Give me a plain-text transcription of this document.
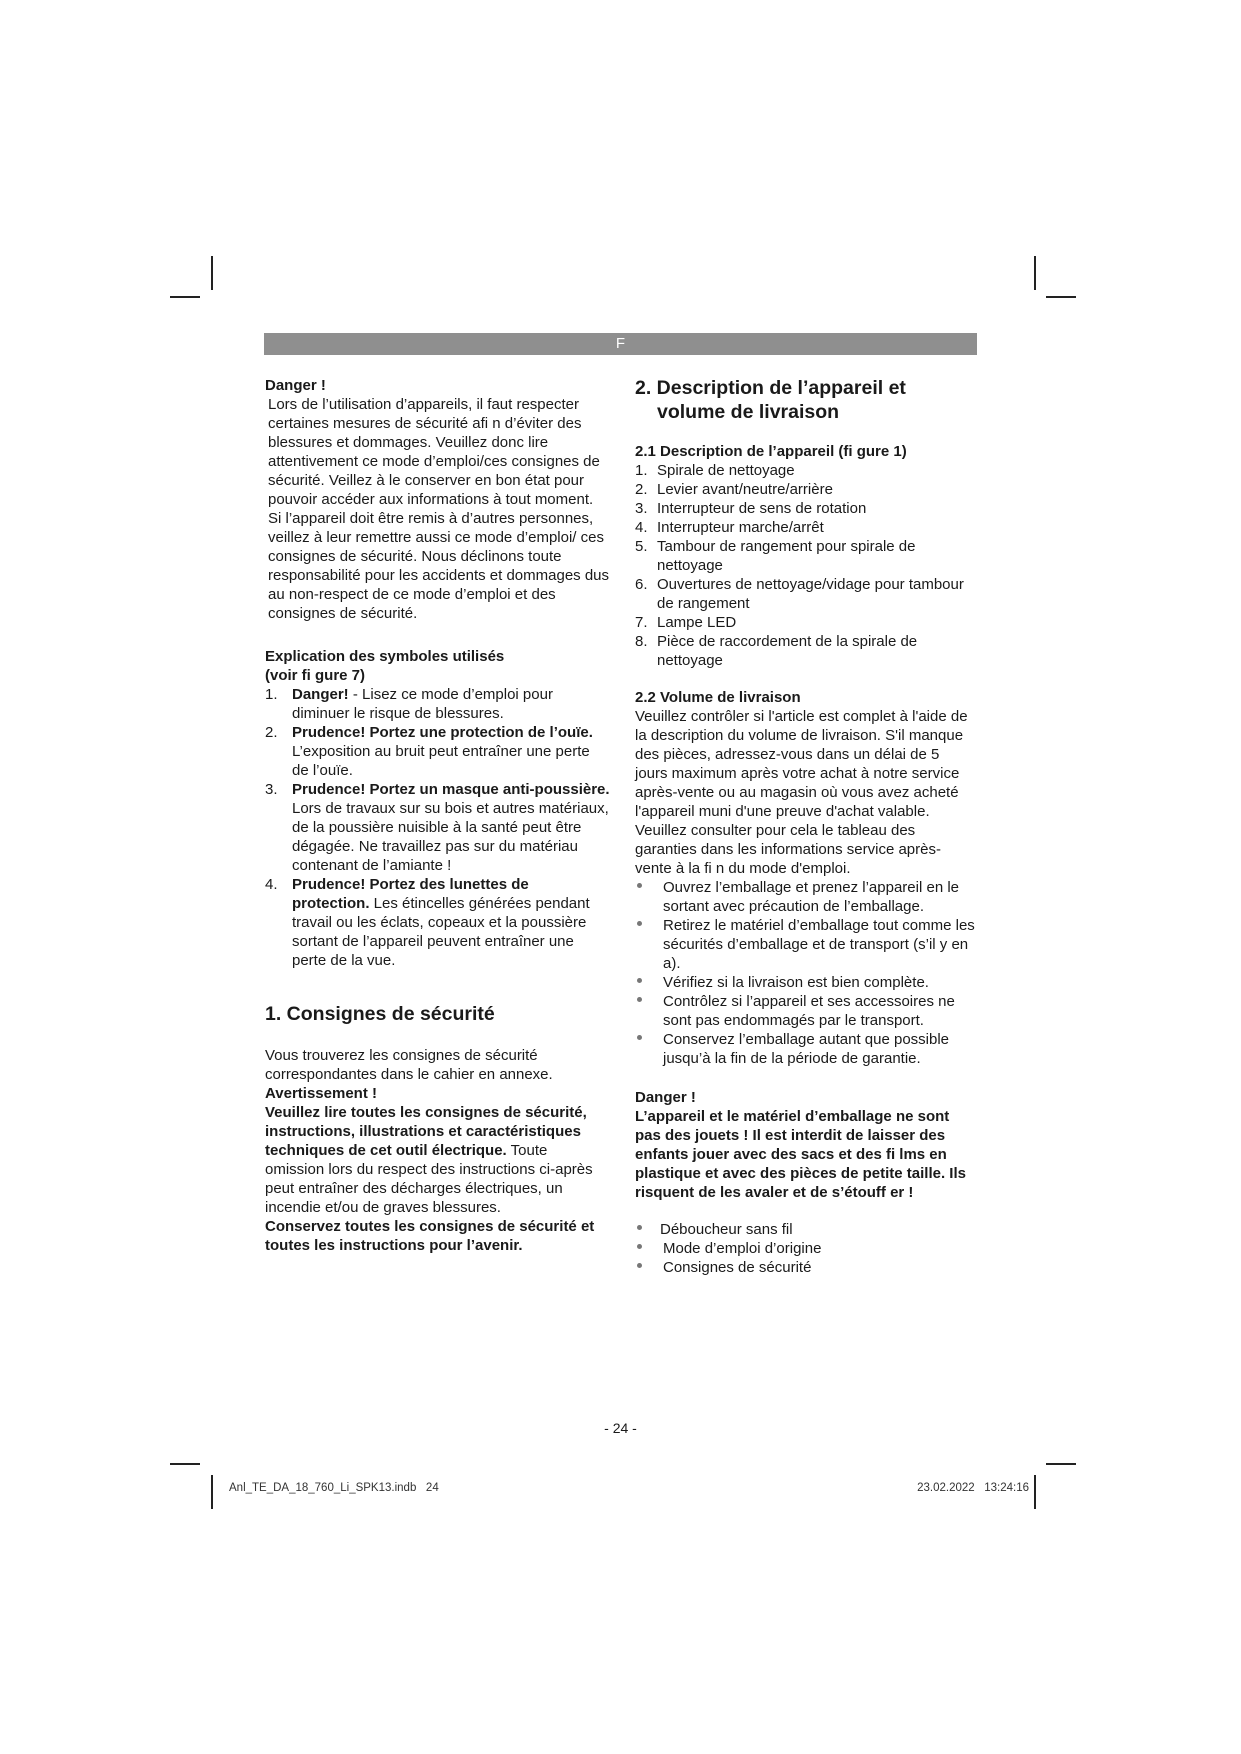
F

Danger !

Lors de l’utilisation d’appareils, il faut respecter certaines mesures de sécurité afi n d’éviter des blessures et dommages. Veuillez donc lire attentivement ce mode d’emploi/ces consignes de sécurité. Veillez à le conserver en bon état pour pouvoir accéder aux informations à tout moment. Si l’appareil doit être remis à d’autres personnes, veillez à leur remettre aussi ce mode d’emploi/ ces consignes de sécurité. Nous déclinons toute responsabilité pour les accidents et dommages dus au non-respect de ce mode d’emploi et des consignes de sécurité.

Explication des symboles utilisés

(voir fi gure 7)

1. Danger! - Lisez ce mode d’emploi pour diminuer le risque de blessures.
2. Prudence! Portez une protection de l’ouïe. L’exposition au bruit peut entraîner une perte de l’ouïe.
3. Prudence! Portez un masque anti-poussière. Lors de travaux sur su bois et autres matériaux, de la poussière nuisible à la santé peut être dégagée. Ne travaillez pas sur du matériau contenant de l’amiante !
4. Prudence! Portez des lunettes de protection. Les étincelles générées pendant travail ou les éclats, copeaux et la poussière sortant de l’appareil peuvent entraîner une perte de la vue.
1. Consignes de sécurité

Vous trouverez les consignes de sécurité correspondantes dans le cahier en annexe.

Avertissement !

Veuillez lire toutes les consignes de sécurité, instructions, illustrations et caractéristiques techniques de cet outil électrique. Toute omission lors du respect des instructions ci-après peut entraîner des décharges électriques, un incendie et/ou de graves blessures.

Conservez toutes les consignes de sécurité et toutes les instructions pour l’avenir.

2. Description de l’appareil et volume de livraison
2.1 Description de l’appareil (fi gure 1)
1. Spirale de nettoyage
2. Levier avant/neutre/arrière
3. Interrupteur de sens de rotation
4. Interrupteur marche/arrêt
5. Tambour de rangement pour spirale de nettoyage
6. Ouvertures de nettoyage/vidage pour tambour de rangement
7. Lampe LED
8. Pièce de raccordement de la spirale de nettoyage
2.2 Volume de livraison

Veuillez contrôler si l'article est complet à l'aide de la description du volume de livraison. S'il manque des pièces, adressez-vous dans un délai de 5 jours maximum après votre achat à notre service après-vente ou au magasin où vous avez acheté l'appareil muni d'une preuve d'achat valable. Veuillez consulter pour cela le tableau des garanties dans les informations service après-vente à la fi n du mode d'emploi.

Ouvrez l’emballage et prenez l’appareil en le sortant avec précaution de l’emballage.
Retirez le matériel d’emballage tout comme les sécurités d’emballage et de transport (s’il y en a).
Vérifiez si la livraison est bien complète.
Contrôlez si l’appareil et ses accessoires ne sont pas endommagés par le transport.
Conservez l’emballage autant que possible jusqu’à la fin de la période de garantie.

Danger !

L’appareil et le matériel d’emballage ne sont pas des jouets ! Il est interdit de laisser des enfants jouer avec des sacs et des fi lms en plastique et avec des pièces de petite taille. Ils risquent de les avaler et de s’étouff er !

Déboucheur sans fil
Mode d’emploi d’origine
Consignes de sécurité
- 24 -
Anl_TE_DA_18_760_Li_SPK13.indb   24	23.02.2022   13:24:16
